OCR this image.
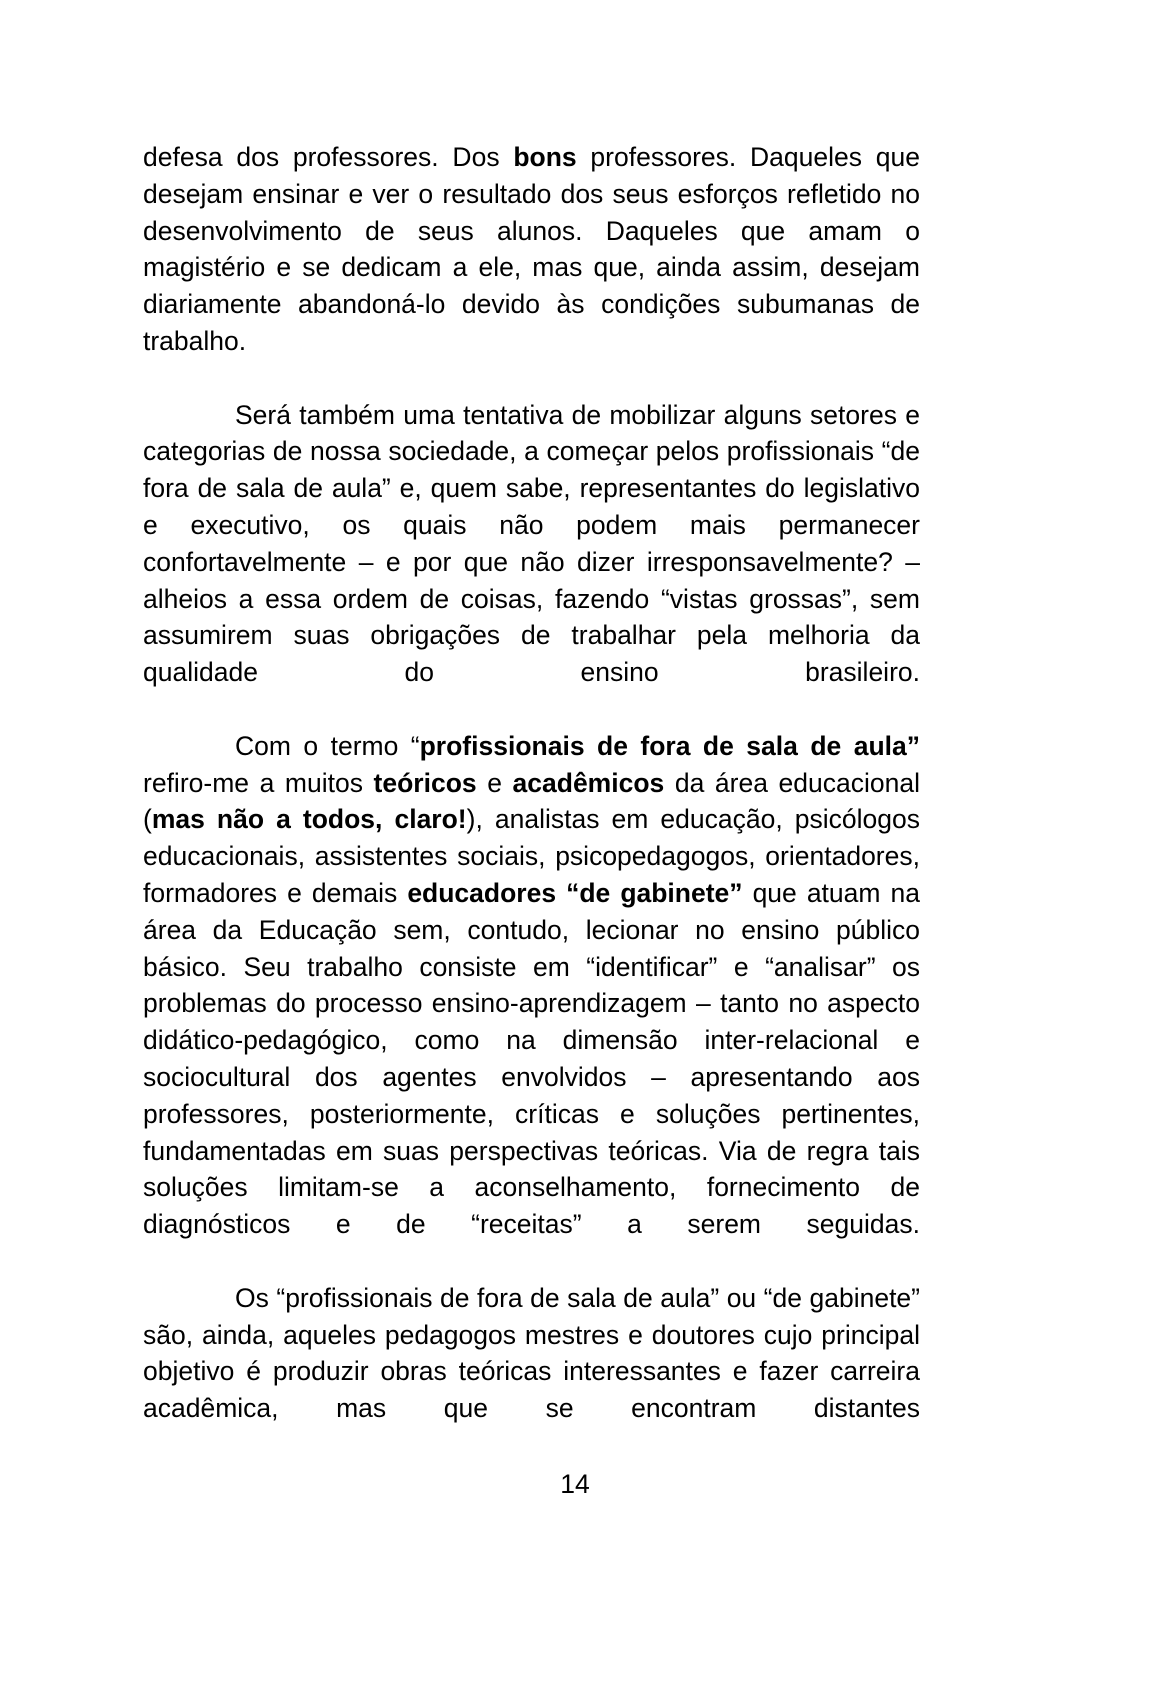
defesa dos professores. Dos bons professores. Daqueles que desejam ensinar e ver o resultado dos seus esforços refletido no desenvolvimento de seus alunos. Daqueles que amam o magistério e se dedicam a ele, mas que, ainda assim, desejam diariamente abandoná-lo devido às condições subumanas de trabalho.

Será também uma tentativa de mobilizar alguns setores e categorias de nossa sociedade, a começar pelos profissionais “de fora de sala de aula” e, quem sabe, representantes do legislativo e executivo, os quais não podem mais permanecer confortavelmente – e por que não dizer irresponsavelmente? – alheios a essa ordem de coisas, fazendo “vistas grossas”, sem assumirem suas obrigações de trabalhar pela melhoria da qualidade do ensino brasileiro.

Com o termo “profissionais de fora de sala de aula” refiro-me a muitos teóricos e acadêmicos da área educacional (mas não a todos, claro!), analistas em educação, psicólogos educacionais, assistentes sociais, psicopedagogos, orientadores, formadores e demais educadores “de gabinete” que atuam na área da Educação sem, contudo, lecionar no ensino público básico. Seu trabalho consiste em “identificar” e “analisar” os problemas do processo ensino-aprendizagem – tanto no aspecto didático-pedagógico, como na dimensão inter-relacional e sociocultural dos agentes envolvidos – apresentando aos professores, posteriormente, críticas e soluções pertinentes, fundamentadas em suas perspectivas teóricas. Via de regra tais soluções limitam-se a aconselhamento, fornecimento de diagnósticos e de “receitas” a serem seguidas.

Os “profissionais de fora de sala de aula” ou “de gabinete” são, ainda, aqueles pedagogos mestres e doutores cujo principal objetivo é produzir obras teóricas interessantes e fazer carreira acadêmica, mas que se encontram distantes

14
